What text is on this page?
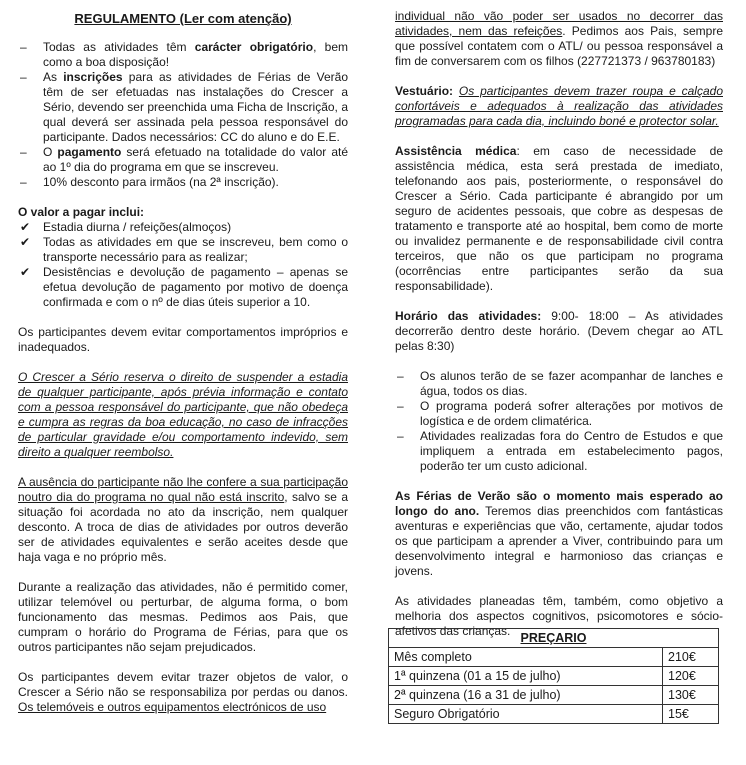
REGULAMENTO (Ler com atenção)
– Todas as atividades têm carácter obrigatório, bem como a boa disposição!
– As inscrições para as atividades de Férias de Verão têm de ser efetuadas nas instalações do Crescer a Sério, devendo ser preenchida uma Ficha de Inscrição, a qual deverá ser assinada pela pessoa responsável do participante. Dados necessários: CC do aluno e do E.E.
– O pagamento será efetuado na totalidade do valor até ao 1º dia do programa em que se inscreveu.
– 10% desconto para irmãos (na 2ª inscrição).
O valor a pagar inclui:
✔ Estadia diurna / refeições(almoços)
✔ Todas as atividades em que se inscreveu, bem como o transporte necessário para as realizar;
✔ Desistências e devolução de pagamento – apenas se efetua devolução de pagamento por motivo de doença confirmada e com o nº de dias úteis superior a 10.

Os participantes devem evitar comportamentos impróprios e inadequados.

O Crescer a Sério reserva o direito de suspender a estadia de qualquer participante, após prévia informação e contato com a pessoa responsável do participante, que não obedeça e cumpra as regras da boa educação, no caso de infracções de particular gravidade e/ou comportamento indevido, sem direito a qualquer reembolso.

A ausência do participante não lhe confere a sua participação noutro dia do programa no qual não está inscrito, salvo se a situação foi acordada no ato da inscrição, nem qualquer desconto. A troca de dias de atividades por outros deverão ser de atividades equivalentes e serão aceites desde que haja vaga e no próprio mês.

Durante a realização das atividades, não é permitido comer, utilizar telemóvel ou perturbar, de alguma forma, o bom funcionamento das mesmas. Pedimos aos Pais, que cumpram o horário do Programa de Férias, para que os outros participantes não sejam prejudicados.

Os participantes devem evitar trazer objetos de valor, o Crescer a Sério não se responsabiliza por perdas ou danos. Os telemóveis e outros equipamentos electrónicos de uso

individual não vão poder ser usados no decorrer das atividades, nem das refeições. Pedimos aos Pais, sempre que possível contatem com o ATL/ ou pessoa responsável a fim de conversarem com os filhos (227721373 / 963780183)

Vestuário: Os participantes devem trazer roupa e calçado confortáveis e adequados à realização das atividades programadas para cada dia, incluindo boné e protector solar.

Assistência médica: em caso de necessidade de assistência médica, esta será prestada de imediato, telefonando aos pais, posteriormente, o responsável do Crescer a Sério. Cada participante é abrangido por um seguro de acidentes pessoais, que cobre as despesas de tratamento e transporte até ao hospital, bem como de morte ou invalidez permanente e de responsabilidade civil contra terceiros, que não os que participam no programa (ocorrências entre participantes serão da sua responsabilidade).

Horário das atividades: 9:00- 18:00 – As atividades decorrerão dentro deste horário. (Devem chegar ao ATL pelas 8:30)

– Os alunos terão de se fazer acompanhar de lanches e água, todos os dias.
– O programa poderá sofrer alterações por motivos de logística e de ordem climatérica.
– Atividades realizadas fora do Centro de Estudos e que impliquem a entrada em estabelecimento pagos, poderão ter um custo adicional.

As Férias de Verão são o momento mais esperado ao longo do ano. Teremos dias preenchidos com fantásticas aventuras e experiências que vão, certamente, ajudar todos os que participam a aprender a Viver, contribuindo para um desenvolvimento integral e harmonioso das crianças e jovens.

As atividades planeadas têm, também, como objetivo a melhoria dos aspectos cognitivos, psicomotores e sócio-afetivos das crianças. PREÇARIO	
Mês completo	210€
1ª quinzena (01 a 15 de julho)	120€
2ª quinzena (16 a 31 de julho)	130€
Seguro Obrigatório	15€
